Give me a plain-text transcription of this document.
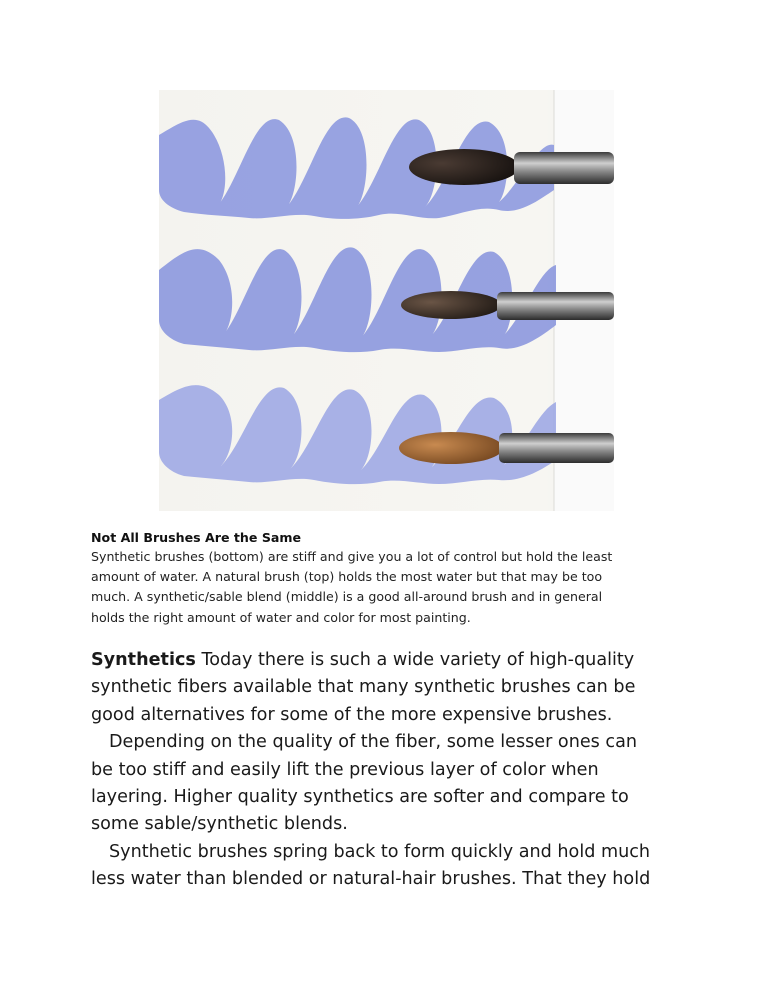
Not All Brushes Are the Same
Synthetic brushes (bottom) are stiff and give you a lot of control but hold the least
amount of water. A natural brush (top) holds the most water but that may be too
much. A synthetic/sable blend (middle) is a good all-around brush and in general
holds the right amount of water and color for most painting.

Synthetics Today there is such a wide variety of high-quality
synthetic fibers available that many synthetic brushes can be
good alternatives for some of the more expensive brushes.

Depending on the quality of the fiber, some lesser ones can
be too stiff and easily lift the previous layer of color when
layering. Higher quality synthetics are softer and compare to
some sable/synthetic blends.

Synthetic brushes spring back to form quickly and hold much
less water than blended or natural-hair brushes. That they hold
